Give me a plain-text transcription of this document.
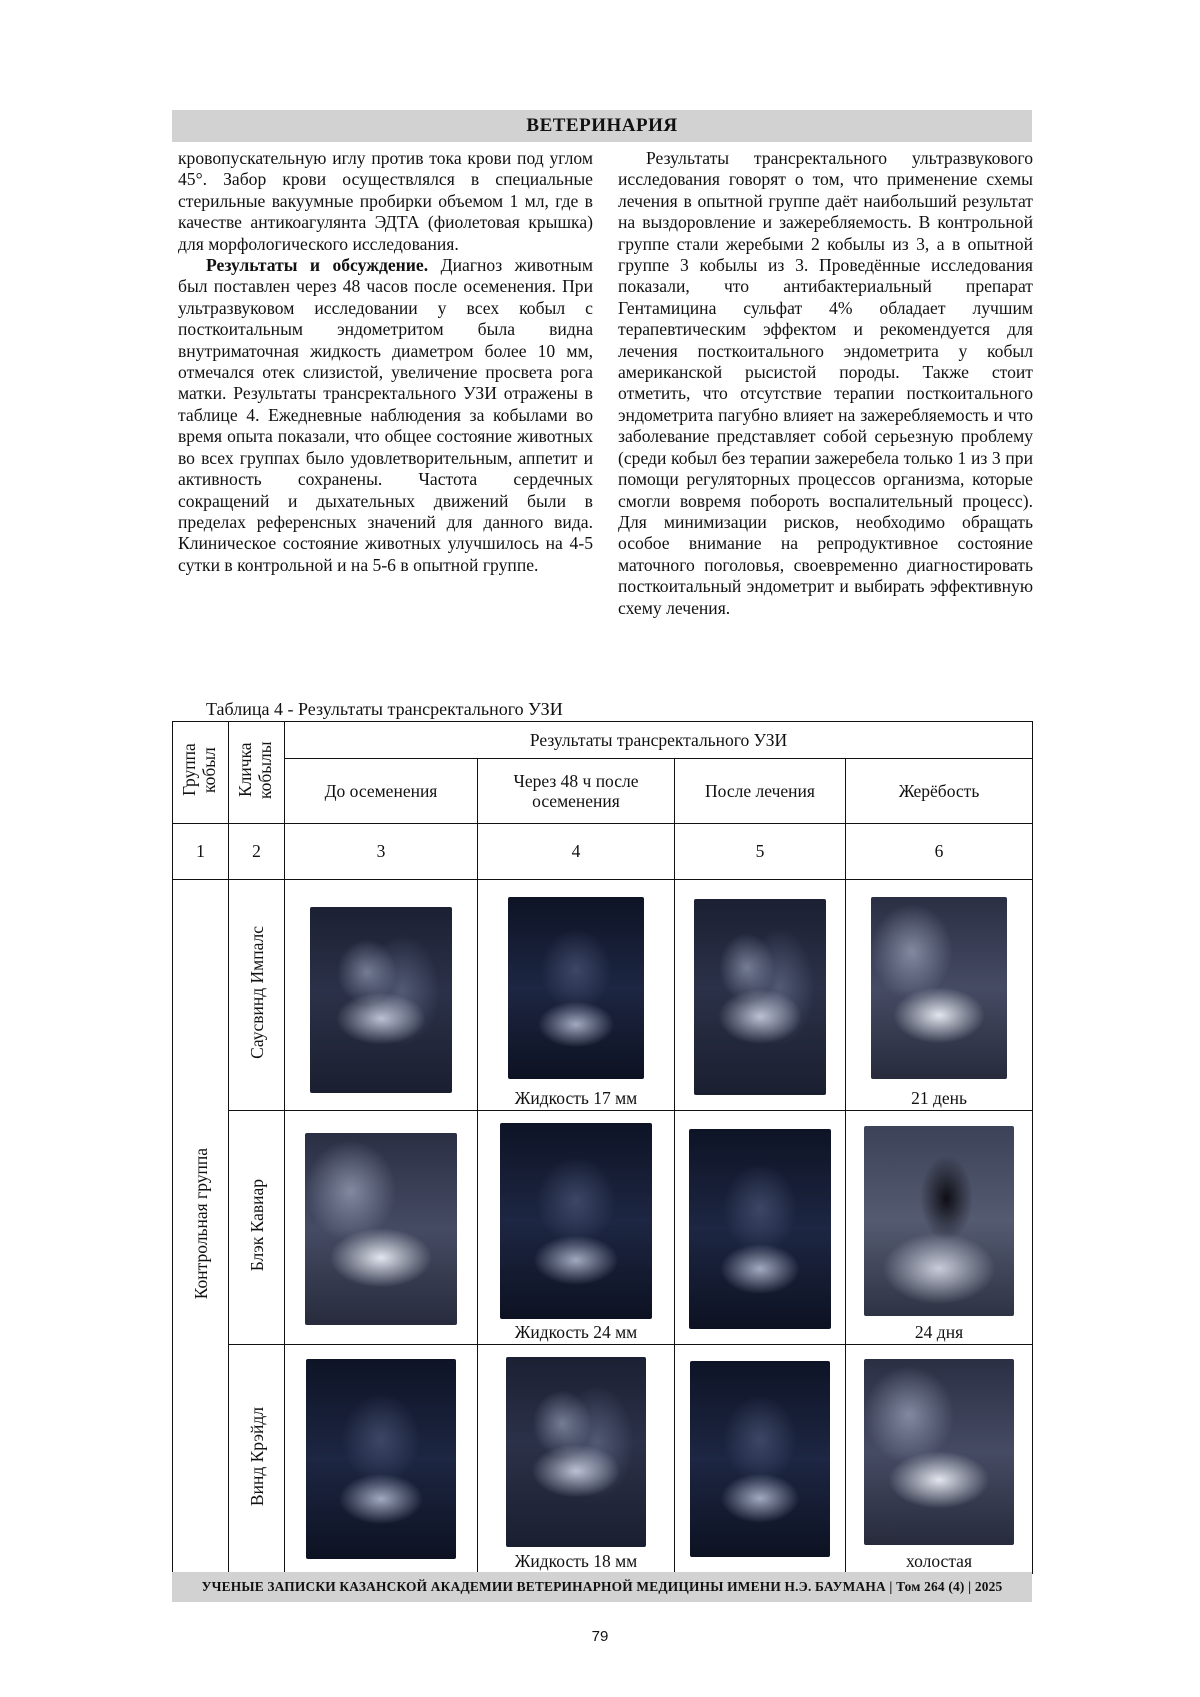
ВЕТЕРИНАРИЯ

кровопускательную иглу против тока крови под углом 45°. Забор крови осуществлялся в специальные стерильные вакуумные пробирки объемом 1 мл, где в качестве антикоагулянта ЭДТА (фиолетовая крышка) для морфологического исследования.

Результаты и обсуждение. Диагноз животным был поставлен через 48 часов после осеменения. При ультразвуковом исследовании у всех кобыл с посткоитальным эндометритом была видна внутриматочная жидкость диаметром более 10 мм, отмечался отек слизистой, увеличение просвета рога матки. Результаты трансректального УЗИ отражены в таблице 4. Ежедневные наблюдения за кобылами во время опыта показали, что общее состояние животных во всех группах было удовлетворительным, аппетит и активность сохранены. Частота сердечных сокращений и дыхательных движений были в пределах референсных значений для данного вида. Клиническое состояние животных улучшилось на 4-5 сутки в контрольной и на 5-6 в опытной группе.

Результаты трансректального ультразвукового исследования говорят о том, что применение схемы лечения в опытной группе даёт наибольший результат на выздоровление и зажеребляемость. В контрольной группе стали жеребыми 2 кобылы из 3, а в опытной группе 3 кобылы из 3. Проведённые исследования показали, что антибактериальный препарат Гентамицина сульфат 4% обладает лучшим терапевтическим эффектом и рекомендуется для лечения посткоитального эндометрита у кобыл американской рысистой породы. Также стоит отметить, что отсутствие терапии посткоитального эндометрита пагубно влияет на зажеребляемость и что заболевание представляет собой серьезную проблему (среди кобыл без терапии зажеребела только 1 из 3 при помощи регуляторных процессов организма, которые смогли вовремя побороть воспалительный процесс). Для минимизации рисков, необходимо обращать особое внимание на репродуктивное состояние маточного поголовья, своевременно диагностировать посткоитальный эндометрит и выбирать эффективную схему лечения.

Таблица 4 - Результаты трансректального УЗИ
Группа кобыл	Кличка кобылы	Результаты трансректального УЗИ			
		До осеменения	Через 48 ч после осеменения	После лечения	Жерёбость
1	2	3	4	5	6
Контрольная группа	Саусвинд Импалс		Жидкость 17 мм		21 день

	Блэк Кавиар		Жидкость 24 мм		24 дня

	Винд Крэйдл		Жидкость 18 мм		холостая
УЧЕНЫЕ ЗАПИСКИ КАЗАНСКОЙ АКАДЕМИИ ВЕТЕРИНАРНОЙ МЕДИЦИНЫ ИМЕНИ Н.Э. БАУМАНА | Том 264 (4) | 2025
79
